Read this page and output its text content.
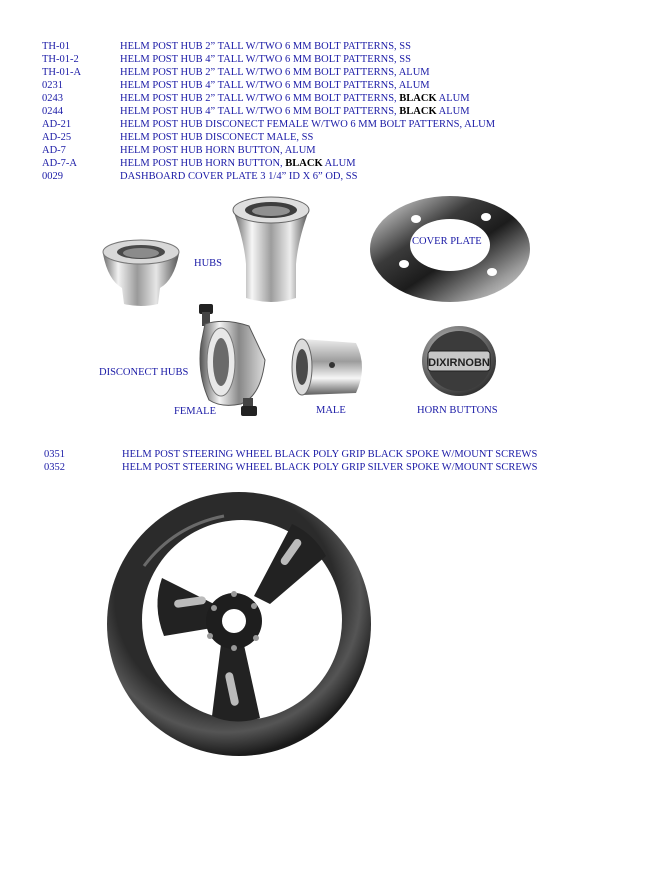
TH-01	HELM POST HUB 2” TALL W/TWO 6 MM BOLT PATTERNS, SS
TH-01-2	HELM POST HUB 4” TALL W/TWO 6 MM BOLT PATTERNS, SS
TH-01-A	HELM POST HUB 2” TALL W/TWO 6 MM BOLT PATTERNS, ALUM
0231	HELM POST HUB 4” TALL W/TWO 6 MM BOLT PATTERNS, ALUM
0243	HELM POST HUB 2” TALL W/TWO 6 MM BOLT PATTERNS, BLACK ALUM
0244	HELM POST HUB 4” TALL W/TWO 6 MM BOLT PATTERNS, BLACK ALUM
AD-21	HELM POST HUB DISCONECT FEMALE W/TWO 6 MM BOLT PATTERNS, ALUM
AD-25	HELM POST HUB DISCONECT MALE, SS
AD-7	HELM POST HUB HORN BUTTON, ALUM
AD-7-A	HELM POST HUB HORN BUTTON, BLACK ALUM
0029	DASHBOARD COVER PLATE 3 1/4” ID X 6” OD, SS
HUBS
COVER PLATE
DISCONECT HUBS
FEMALE	MALE
DIXIRNOBN
HORN BUTTONS
0351	HELM POST STEERING WHEEL BLACK POLY GRIP BLACK SPOKE W/MOUNT SCREWS
0352	HELM POST STEERING WHEEL BLACK POLY GRIP SILVER SPOKE W/MOUNT SCREWS
